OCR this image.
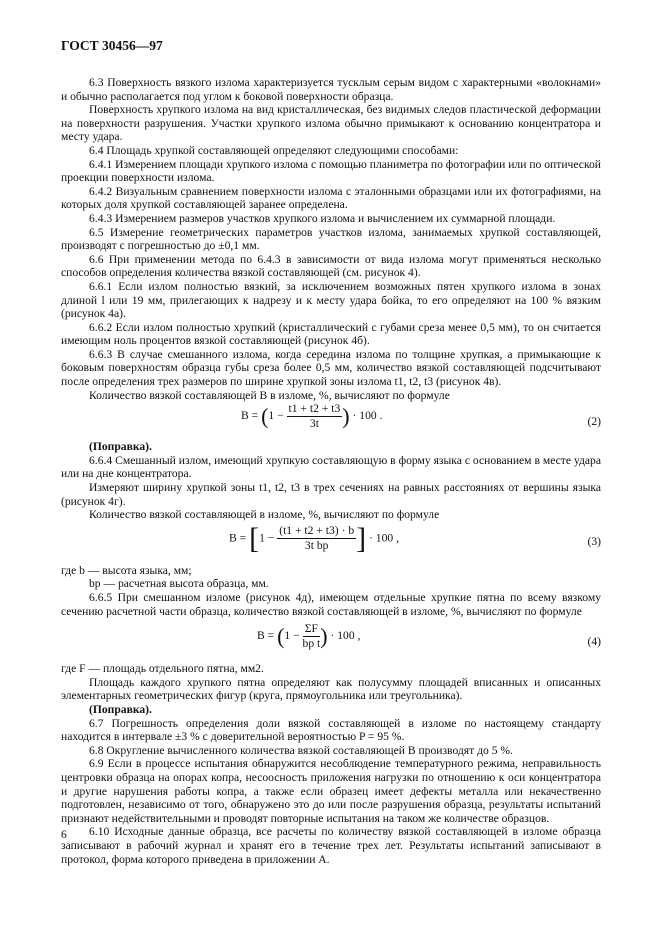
ГОСТ 30456—97

6.3 Поверхность вязкого излома характеризуется тусклым серым видом с характерными «волокнами» и обычно располагается под углом к боковой поверхности образца.

Поверхность хрупкого излома на вид кристаллическая, без видимых следов пластической деформации на поверхности разрушения. Участки хрупкого излома обычно примыкают к основанию концентратора и месту удара.

6.4 Площадь хрупкой составляющей определяют следующими способами:

6.4.1 Измерением площади хрупкого излома с помощью планиметра по фотографии или по оптической проекции поверхности излома.

6.4.2 Визуальным сравнением поверхности излома с эталонными образцами или их фотографиями, на которых доля хрупкой составляющей заранее определена.

6.4.3 Измерением размеров участков хрупкого излома и вычислением их суммарной площади.

6.5 Измерение геометрических параметров участков излома, занимаемых хрупкой составляющей, производят с погрешностью до ±0,1 мм.

6.6 При применении метода по 6.4.3 в зависимости от вида излома могут применяться несколько способов определения количества вязкой составляющей (см. рисунок 4).

6.6.1 Если излом полностью вязкий, за исключением возможных пятен хрупкого излома в зонах длиной l или 19 мм, прилегающих к надрезу и к месту удара бойка, то его определяют на 100 % вязким (рисунок 4а).

6.6.2 Если излом полностью хрупкий (кристаллический с губами среза менее 0,5 мм), то он считается имеющим ноль процентов вязкой составляющей (рисунок 4б).

6.6.3 В случае смешанного излома, когда середина излома по толщине хрупкая, а примыкающие к боковым поверхностям образца губы среза более 0,5 мм, количество вязкой составляющей подсчитывают после определения трех размеров по ширине хрупкой зоны излома t1, t2, t3 (рисунок 4в).

Количество вязкой составляющей B в изломе, %, вычисляют по формуле

$B = (1 - \frac{t1 + t2 + t3}{3t}$ ) · 100 .	(2)

(Поправка).

6.6.4 Смешанный излом, имеющий хрупкую составляющую в форму языка с основанием в месте удара или на дне концентратора.

Измеряют ширину хрупкой зоны t1, t2, t3 в трех сечениях на равных расстояниях от вершины языка (рисунок 4г).

Количество вязкой составляющей в изломе, %, вычисляют по формуле

$B = [1 - \frac{(t1 + t2 + t3) \cdot b}{\text{3t bp}}$ ] · 100 ,	(3)

где b — высота языка, мм;

bp — расчетная высота образца, мм.

6.6.5 При смешанном изломе (рисунок 4д), имеющем отдельные хрупкие пятна по всему вязкому сечению расчетной части образца, количество вязкой составляющей в изломе, %, вычисляют по формуле

$B = (1 - \frac{\Sigma F}{\text{bp t}}$ ) · 100 ,	(4)

где F — площадь отдельного пятна, мм2.

Площадь каждого хрупкого пятна определяют как полусумму площадей вписанных и описанных элементарных геометрических фигур (круга, прямоугольника или треугольника).

(Поправка).

6.7 Погрешность определения доли вязкой составляющей в изломе по настоящему стандарту находится в интервале ±3 % с доверительной вероятностью P = 95 %.

6.8 Округление вычисленного количества вязкой составляющей B производят до 5 %.

6.9 Если в процессе испытания обнаружится несоблюдение температурного режима, неправильность центровки образца на опорах копра, несоосность приложения нагрузки по отношению к оси концентратора и другие нарушения работы копра, а также если образец имеет дефекты металла или некачественно подготовлен, независимо от того, обнаружено это до или после разрушения образца, результаты испытаний признают недействительными и проводят повторные испытания на таком же количестве образцов.

6.10 Исходные данные образца, все расчеты по количеству вязкой составляющей в изломе образца записывают в рабочий журнал и хранят его в течение трех лет. Результаты испытаний записывают в протокол, форма которого приведена в приложении А.

6
